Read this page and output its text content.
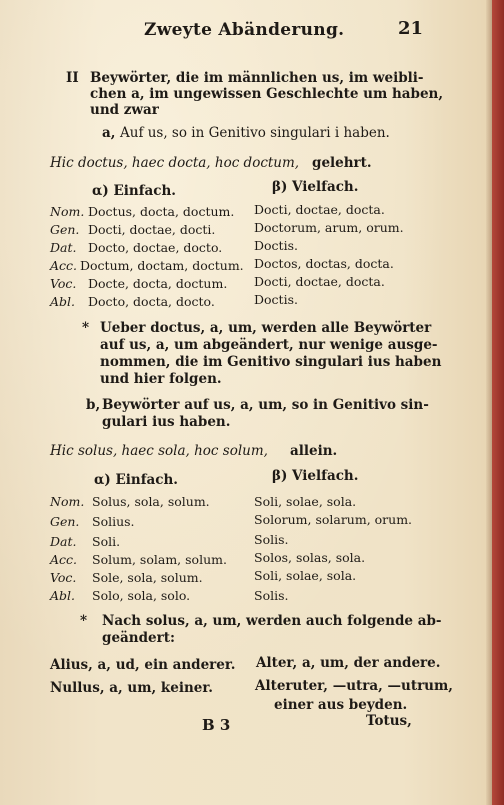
Zweyte Abänderung.	21
II Beywörter, die im männlichen us, im weibli-
chen a, im ungewissen Geschlechte um haben,
und zwar
a, Auf us, so in Genitivo singulari i haben.
Hic doctus, haec docta, hoc doctum, gelehrt.
α) Einfach.	β) Vielfach.
Nom. Doctus, docta, doctum. Docti, doctae, docta.
Gen. Docti, doctae, docti.	Doctorum, arum, orum.
Dat. Docto, doctae, docto.	Doctis.
Acc. Doctum, doctam, doctum. Doctos, doctas, docta.
Voc. Docte, docta, doctum. Docti, doctae, docta.
Abl. Docto, docta, docto.	Doctis.
* Ueber doctus, a, um, werden alle Beywörter
auf us, a, um abgeändert, nur wenige ausge-
nommen, die im Genitivo singulari ius haben
und hier folgen.
b, Beywörter auf us, a, um, so in Genitivo sin-
gulari ius haben.
Hic solus, haec sola, hoc solum, allein.
α) Einfach.	β) Vielfach.
Nom. Solus, sola, solum.	Soli, solae, sola.
Gen. Solius.	Solorum, solarum, orum.
Dat. Soli.	Solis.
Acc. Solum, solam, solum. Solos, solas, sola.
Voc. Sole, sola, solum.	Soli, solae, sola.
Abl. Solo, sola, solo.	Solis.
* Nach solus, a, um, werden auch folgende ab-
geändert:
Alius, a, ud, ein anderer. Alter, a, um, der andere.
Nullus, a, um, keiner.	Alteruter, —utra, —utrum,
einer aus beyden.
B 3	Totus,
